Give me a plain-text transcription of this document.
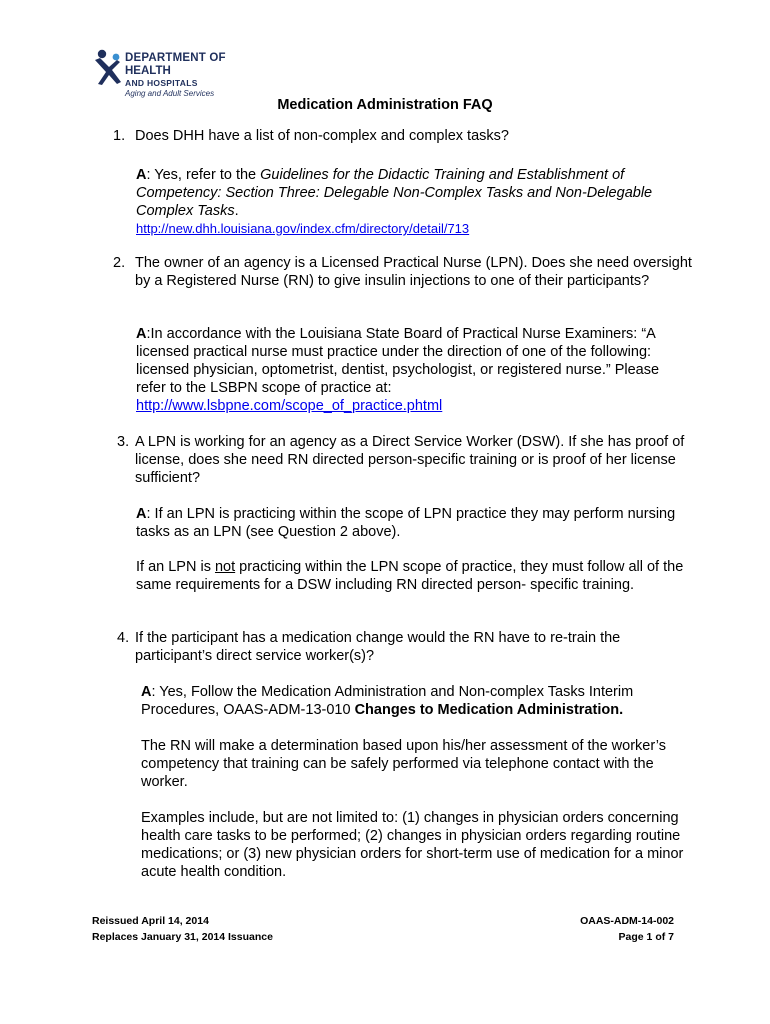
DEPARTMENT OF
HEALTH
AND HOSPITALS
Aging and Adult Services
Medication Administration FAQ
1. Does DHH have a list of non-complex and complex tasks?
A: Yes, refer to the Guidelines for the Didactic Training and Establishment of Competency: Section Three: Delegable Non-Complex Tasks and Non-Delegable Complex Tasks.
http://new.dhh.louisiana.gov/index.cfm/directory/detail/713
2. The owner of an agency is a Licensed Practical Nurse (LPN). Does she need oversight by a Registered Nurse (RN) to give insulin injections to one of their participants?
A:In accordance with the Louisiana State Board of Practical Nurse Examiners: “A licensed practical nurse must practice under the direction of one of the following: licensed physician, optometrist, dentist, psychologist, or registered nurse.” Please refer to the LSBPN scope of practice at:
http://www.lsbpne.com/scope_of_practice.phtml
3. A LPN is working for an agency as a Direct Service Worker (DSW). If she has proof of license, does she need RN directed person-specific training or is proof of her license sufficient?
A: If an LPN is practicing within the scope of LPN practice they may perform nursing tasks as an LPN (see Question 2 above).
If an LPN is not practicing within the LPN scope of practice, they must follow all of the same requirements for a DSW including RN directed person- specific training.
4. If the participant has a medication change would the RN have to re-train the participant’s direct service worker(s)?
A: Yes, Follow the Medication Administration and Non-complex Tasks Interim Procedures, OAAS-ADM-13-010 Changes to Medication Administration.
The RN will make a determination based upon his/her assessment of the worker’s competency that training can be safely performed via telephone contact with the worker.
Examples include, but are not limited to: (1) changes in physician orders concerning health care tasks to be performed; (2) changes in physician orders regarding routine medications; or (3) new physician orders for short-term use of medication for a minor acute health condition.
Reissued April 14, 2014
Replaces January 31, 2014 Issuance
OAAS-ADM-14-002
Page 1 of 7
